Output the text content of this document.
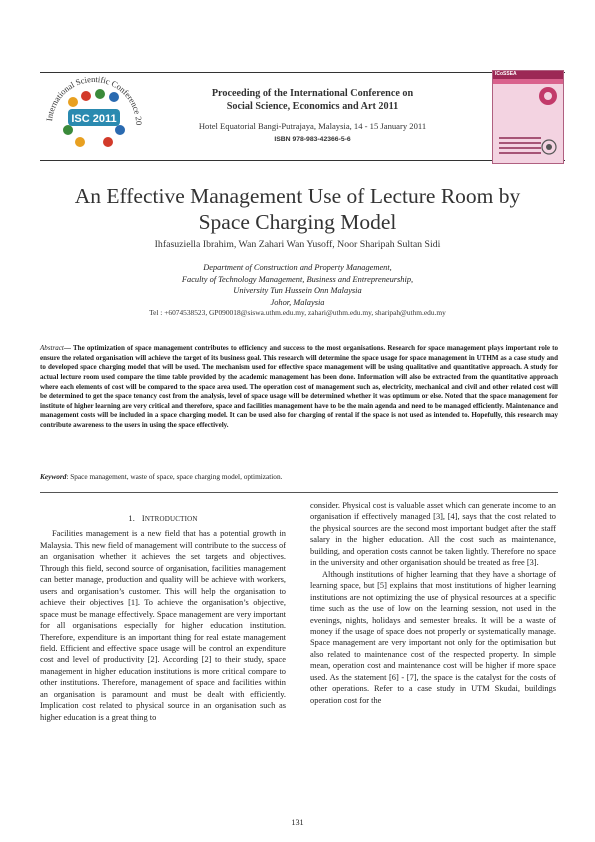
International Scientific Conference 20
ISC 2011
Proceeding of the International Conference on
Social Science, Economics and Art 2011
Hotel Equatorial Bangi-Putrajaya, Malaysia, 14 - 15 January 2011
ISBN 978-983-42366-5-6
ICoSSEA
An Effective Management Use of Lecture Room by
Space Charging Model
Ihfasuziella Ibrahim, Wan Zahari Wan Yusoff, Noor Sharipah Sultan Sidi
Department of Construction and Property Management,
Faculty of Technology Management, Business and Entrepreneurship,
University Tun Hussein Onn Malaysia
Johor, Malaysia
Tel : +6074538523, GP090018@siswa.uthm.edu.my, zahari@uthm.edu.my, sharipah@uthm.edu.my
Abstract— The optimization of space management contributes to efficiency and success to the most organisations. Research for space management plays important role to ensure the related organisation will achieve the target of its business goal. This research will determine the space usage for space management in UTHM as a case study and to developed space charging model that will be used. The mechanism used for effective space management will be using qualitative and quantitative approach. A study for actual lecture room used compare the time table provided by the academic management has been done. Information will also be extracted from the quantitative approach where each elements of cost will be compared to the space area used. The operation cost of management such as, electricity, mechanical and civil and other related cost will be determined to get the space tenancy cost from the analysis, level of space usage will be determined whether it was optimum or else. Noted that the space management for institute of higher learning are very critical and therefore, space and facilities management have to be the main agenda and need to be managed efficiently. Maintenance and management costs will be included in a space charging model. It can be used also for charging of rental if the space is not used as intended to. Hopefully, this research may contribute awareness to the users in using the space effectively.
Keyword: Space management, waste of space, space charging model, optimization.
1. INTRODUCTION

Facilities management is a new field that has a potential growth in Malaysia. This new field of management will contribute to the success of an organisation whether it achieves the set targets and objectives. Through this field, second source of organisation, facilities management can better manage, production and quality will be achieve with workers, users and organisation’s customer. This will help the organisation to achieve their objectives [1]. To achieve the organisation’s objective, space must be manage effectively. Space management are very important for all organisations especially for higher education institution. Therefore, expenditure is an important thing for real estate management field. Efficient and effective space usage will be control an expenditure cost and level of productivity [2]. According [2] to their study, space management in higher education institutions is more critical compare to other institutions. Therefore, management of space and facilities within an organisation is paramount and must be dealt with efficiently. Implication cost related to physical source in an organisation such as higher education is a great thing to

consider. Physical cost is valuable asset which can generate income to an organisation if effectively managed [3], [4], says that the cost related to the physical sources are the second most important budget after the staff salary in the higher education. All the cost such as maintenance, building, and operation costs cannot be taken lightly. Therefore no space in the university and other organisation should be treated as free [3].

Although institutions of higher learning that they have a shortage of learning space, but [5] explains that most institutions of higher learning institutions are not optimizing the use of physical resources at a specific time such as the use of low on the learning session, not used in the evenings, nights, holidays and semester breaks. It will be a waste of money if the usage of space does not properly or systematically manage. Space management are very important not only for the optimisation but also related to maintenance cost of the respected property. In simple mean, operation cost and maintenance cost will be higher if more space used. As the statement [6] - [7], the space is the catalyst for the costs of other operations. Refer to a case study in UTM Skudai, buildings operation cost for the

131
